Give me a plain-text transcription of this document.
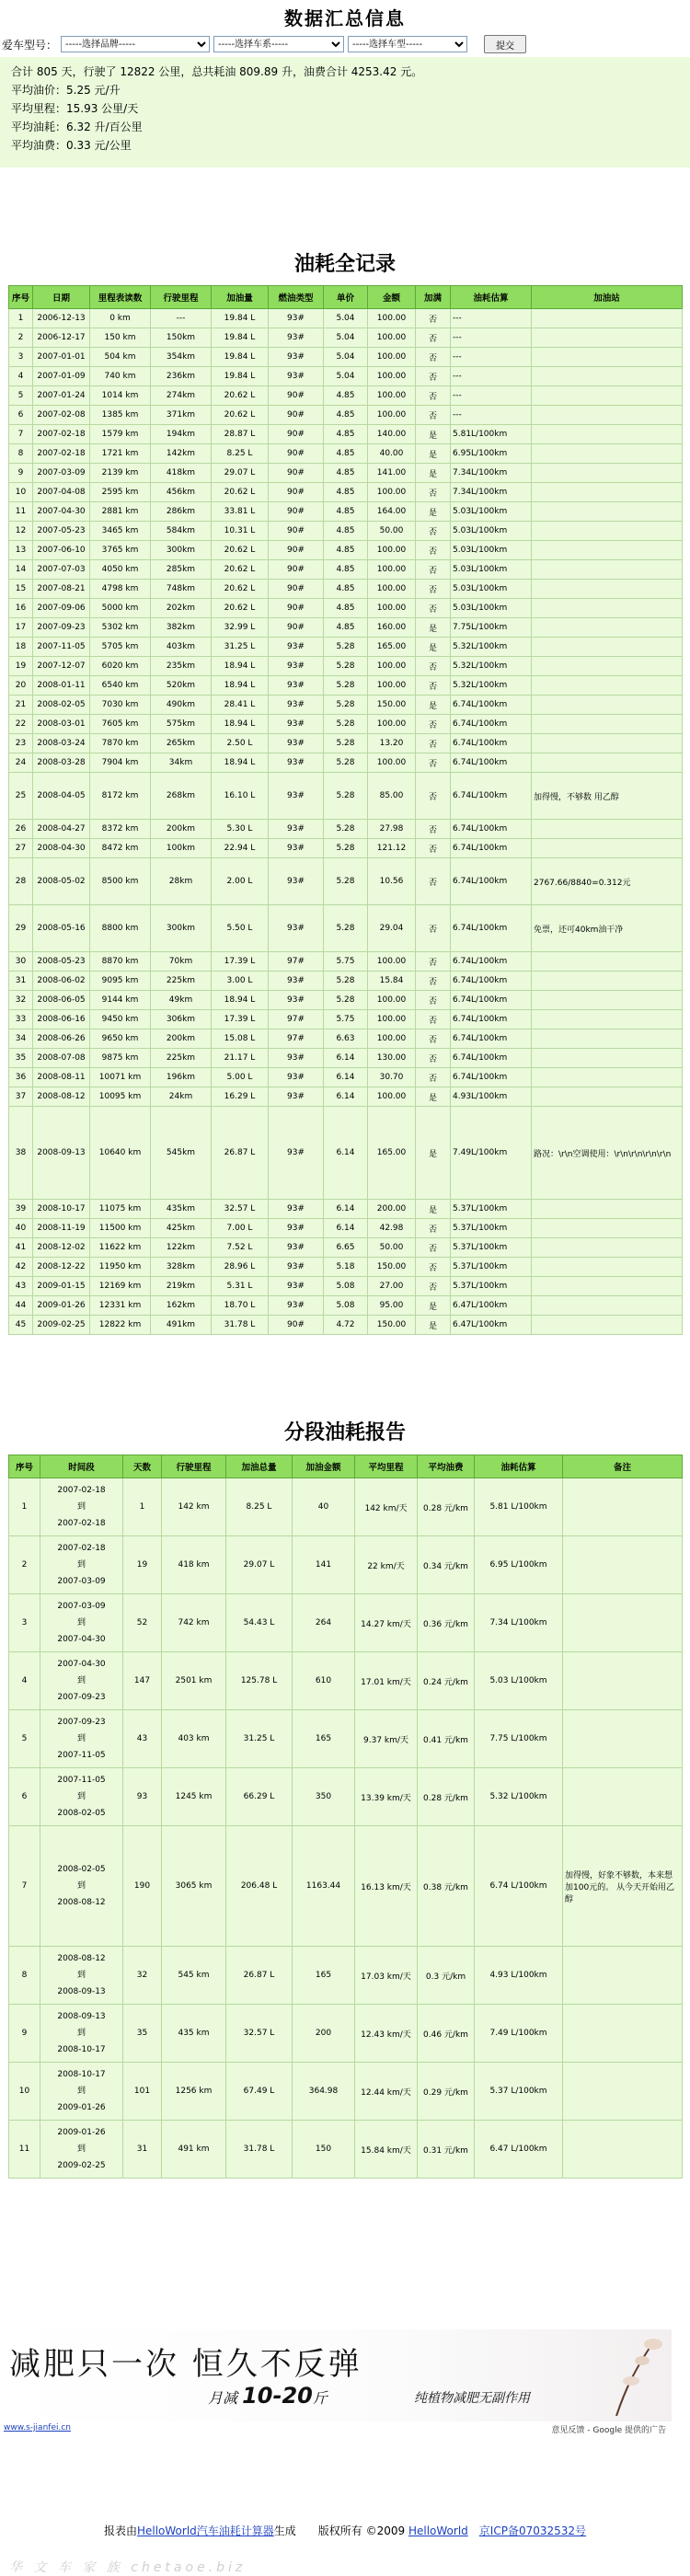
数据汇总信息
爱车型号：
-----选择品牌-----
-----选择车系-----
-----选择车型-----	提交
合计 805 天，行驶了 12822 公里，总共耗油 809.89 升，油费合计 4253.42 元。
平均油价：5.25 元/升
平均里程：15.93 公里/天
平均油耗：6.32 升/百公里
平均油费：0.33 元/公里
油耗全记录
序号	日期	里程表读数	行驶里程	加油量	燃油类型	单价	金额	加满	油耗估算	加油站
1	2006-12-13	0 km	---	19.84 L	93#	5.04	100.00	否	---	
2	2006-12-17	150 km	150km	19.84 L	93#	5.04	100.00	否	---	
3	2007-01-01	504 km	354km	19.84 L	93#	5.04	100.00	否	---	
4	2007-01-09	740 km	236km	19.84 L	93#	5.04	100.00	否	---	
5	2007-01-24	1014 km	274km	20.62 L	90#	4.85	100.00	否	---	
6	2007-02-08	1385 km	371km	20.62 L	90#	4.85	100.00	否	---	
7	2007-02-18	1579 km	194km	28.87 L	90#	4.85	140.00	是	5.81L/100km	
8	2007-02-18	1721 km	142km	8.25 L	90#	4.85	40.00	是	6.95L/100km	
9	2007-03-09	2139 km	418km	29.07 L	90#	4.85	141.00	是	7.34L/100km	
10	2007-04-08	2595 km	456km	20.62 L	90#	4.85	100.00	否	7.34L/100km	
11	2007-04-30	2881 km	286km	33.81 L	90#	4.85	164.00	是	5.03L/100km	
12	2007-05-23	3465 km	584km	10.31 L	90#	4.85	50.00	否	5.03L/100km	
13	2007-06-10	3765 km	300km	20.62 L	90#	4.85	100.00	否	5.03L/100km	
14	2007-07-03	4050 km	285km	20.62 L	90#	4.85	100.00	否	5.03L/100km	
15	2007-08-21	4798 km	748km	20.62 L	90#	4.85	100.00	否	5.03L/100km	
16	2007-09-06	5000 km	202km	20.62 L	90#	4.85	100.00	否	5.03L/100km	
17	2007-09-23	5302 km	382km	32.99 L	90#	4.85	160.00	是	7.75L/100km	
18	2007-11-05	5705 km	403km	31.25 L	93#	5.28	165.00	是	5.32L/100km	
19	2007-12-07	6020 km	235km	18.94 L	93#	5.28	100.00	否	5.32L/100km	
20	2008-01-11	6540 km	520km	18.94 L	93#	5.28	100.00	否	5.32L/100km	
21	2008-02-05	7030 km	490km	28.41 L	93#	5.28	150.00	是	6.74L/100km	
22	2008-03-01	7605 km	575km	18.94 L	93#	5.28	100.00	否	6.74L/100km	
23	2008-03-24	7870 km	265km	2.50 L	93#	5.28	13.20	否	6.74L/100km	
24	2008-03-28	7904 km	34km	18.94 L	93#	5.28	100.00	否	6.74L/100km	
25	2008-04-05	8172 km	268km	16.10 L	93#	5.28	85.00	否	6.74L/100km	加得慢，不够数 用乙醇
26	2008-04-27	8372 km	200km	5.30 L	93#	5.28	27.98	否	6.74L/100km	
27	2008-04-30	8472 km	100km	22.94 L	93#	5.28	121.12	否	6.74L/100km	
28	2008-05-02	8500 km	28km	2.00 L	93#	5.28	10.56	否	6.74L/100km	2767.66/8840=0.312元
29	2008-05-16	8800 km	300km	5.50 L	93#	5.28	29.04	否	6.74L/100km	免票，还可40km油干净
30	2008-05-23	8870 km	70km	17.39 L	97#	5.75	100.00	否	6.74L/100km	
31	2008-06-02	9095 km	225km	3.00 L	93#	5.28	15.84	否	6.74L/100km	
32	2008-06-05	9144 km	49km	18.94 L	93#	5.28	100.00	否	6.74L/100km	
33	2008-06-16	9450 km	306km	17.39 L	97#	5.75	100.00	否	6.74L/100km	
34	2008-06-26	9650 km	200km	15.08 L	97#	6.63	100.00	否	6.74L/100km	
35	2008-07-08	9875 km	225km	21.17 L	93#	6.14	130.00	否	6.74L/100km	
36	2008-08-11	10071 km	196km	5.00 L	93#	6.14	30.70	否	6.74L/100km	
37	2008-08-12	10095 km	24km	16.29 L	93#	6.14	100.00	是	4.93L/100km	
38	2008-09-13	10640 km	545km	26.87 L	93#	6.14	165.00	是	7.49L/100km	路况：\r\n空调使用：\r\n\r\n\r\n\r\n
39	2008-10-17	11075 km	435km	32.57 L	93#	6.14	200.00	是	5.37L/100km	
40	2008-11-19	11500 km	425km	7.00 L	93#	6.14	42.98	否	5.37L/100km	
41	2008-12-02	11622 km	122km	7.52 L	93#	6.65	50.00	否	5.37L/100km	
42	2008-12-22	11950 km	328km	28.96 L	93#	5.18	150.00	否	5.37L/100km	
43	2009-01-15	12169 km	219km	5.31 L	93#	5.08	27.00	否	5.37L/100km	
44	2009-01-26	12331 km	162km	18.70 L	93#	5.08	95.00	是	6.47L/100km	
45	2009-02-25	12822 km	491km	31.78 L	90#	4.72	150.00	是	6.47L/100km	
分段油耗报告
序号	时间段	天数	行驶里程	加油总量	加油金额	平均里程	平均油费	油耗估算	备注
1	2007-02-18
到
2007-02-18	1	142 km	8.25 L	40	142 km/天	0.28 元/km	5.81 L/100km	
2	2007-02-18
到
2007-03-09	19	418 km	29.07 L	141	22 km/天	0.34 元/km	6.95 L/100km	
3	2007-03-09
到
2007-04-30	52	742 km	54.43 L	264	14.27 km/天	0.36 元/km	7.34 L/100km	
4	2007-04-30
到
2007-09-23	147	2501 km	125.78 L	610	17.01 km/天	0.24 元/km	5.03 L/100km	
5	2007-09-23
到
2007-11-05	43	403 km	31.25 L	165	9.37 km/天	0.41 元/km	7.75 L/100km	
6	2007-11-05
到
2008-02-05	93	1245 km	66.29 L	350	13.39 km/天	0.28 元/km	5.32 L/100km	
7	2008-02-05
到
2008-08-12	190	3065 km	206.48 L	1163.44	16.13 km/天	0.38 元/km	6.74 L/100km	加得慢，好象不够数，本来想加100元的。 从今天开始用乙醇
8	2008-08-12
到
2008-09-13	32	545 km	26.87 L	165	17.03 km/天	0.3 元/km	4.93 L/100km	
9	2008-09-13
到
2008-10-17	35	435 km	32.57 L	200	12.43 km/天	0.46 元/km	7.49 L/100km	
10	2008-10-17
到
2009-01-26	101	1256 km	67.49 L	364.98	12.44 km/天	0.29 元/km	5.37 L/100km	
11	2009-01-26
到
2009-02-25	31	491 km	31.78 L	150	15.84 km/天	0.31 元/km	6.47 L/100km	
减肥只一次 恒久不反弹
月减 10-20斤	纯植物减肥无副作用
www.s-jianfei.cn	意见反馈 - Google 提供的广告
报表由HelloWorld汽车油耗计算器生成　　版权所有 ©2009 HelloWorld　 京ICP备07032532号
华 文 车 家 族 chetaoe.biz
